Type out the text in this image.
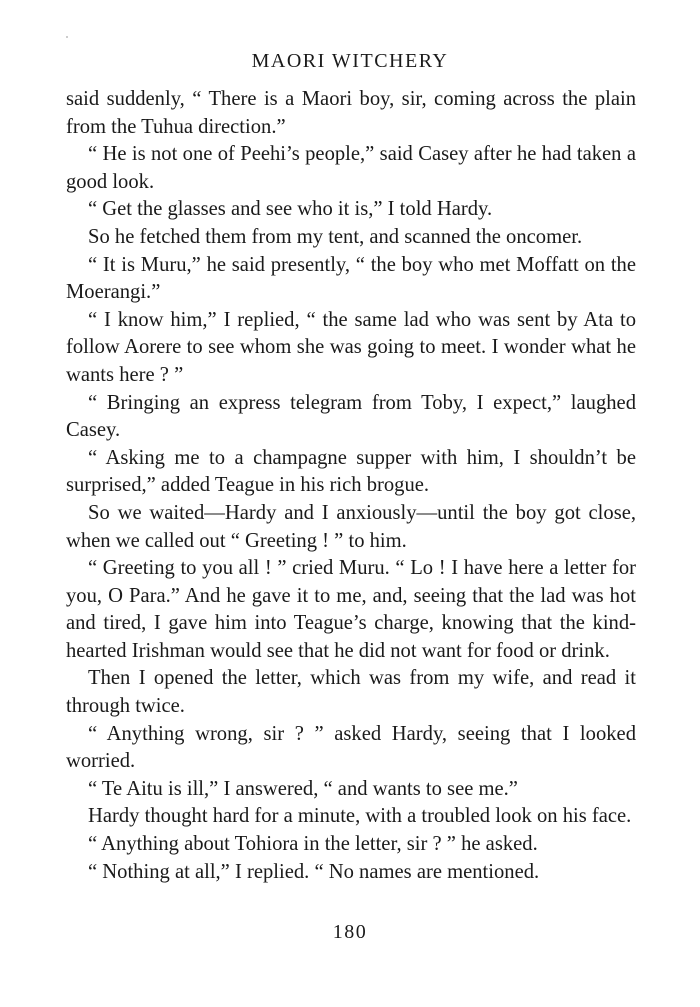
MAORI WITCHERY

said suddenly, “ There is a Maori boy, sir, coming across the plain from the Tuhua direction.”

“ He is not one of Peehi’s people,” said Casey after he had taken a good look.

“ Get the glasses and see who it is,” I told Hardy.

So he fetched them from my tent, and scanned the oncomer.

“ It is Muru,” he said presently, “ the boy who met Moffatt on the Moerangi.”

“ I know him,” I replied, “ the same lad who was sent by Ata to follow Aorere to see whom she was going to meet. I wonder what he wants here ? ”

“ Bringing an express telegram from Toby, I expect,” laughed Casey.

“ Asking me to a champagne supper with him, I shouldn’t be surprised,” added Teague in his rich brogue.

So we waited—Hardy and I anxiously—until the boy got close, when we called out “ Greeting ! ” to him.

“ Greeting to you all ! ” cried Muru. “ Lo ! I have here a letter for you, O Para.” And he gave it to me, and, seeing that the lad was hot and tired, I gave him into Teague’s charge, knowing that the kind-hearted Irishman would see that he did not want for food or drink.

Then I opened the letter, which was from my wife, and read it through twice.

“ Anything wrong, sir ? ” asked Hardy, seeing that I looked worried.

“ Te Aitu is ill,” I answered, “ and wants to see me.”

Hardy thought hard for a minute, with a troubled look on his face.

“ Anything about Tohiora in the letter, sir ? ” he asked.

“ Nothing at all,” I replied. “ No names are mentioned.

180
